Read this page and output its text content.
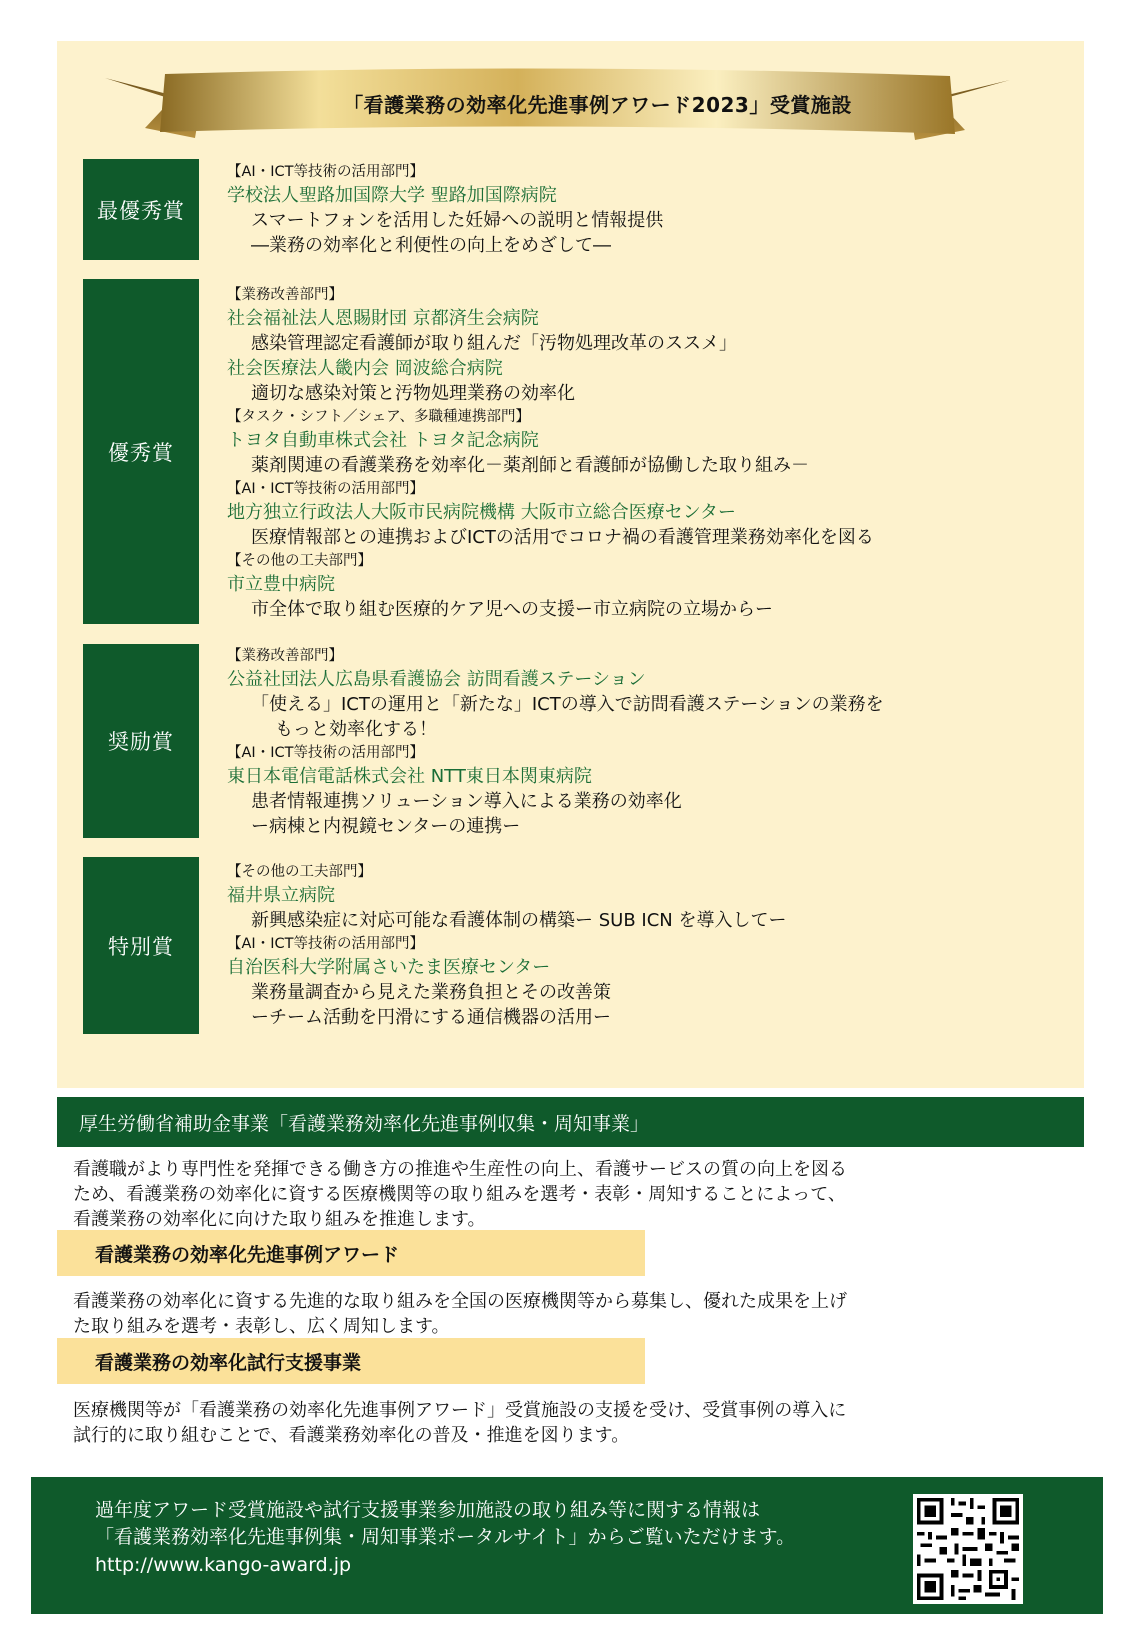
「看護業務の効率化先進事例アワード2023」受賞施設
最優秀賞
優秀賞
奨励賞
特別賞
【AI・ICT等技術の活用部門】
学校法人聖路加国際大学 聖路加国際病院
スマートフォンを活用した妊婦への説明と情報提供
―業務の効率化と利便性の向上をめざして―
【業務改善部門】
社会福祉法人恩賜財団 京都済生会病院
感染管理認定看護師が取り組んだ「汚物処理改革のススメ」
社会医療法人畿内会 岡波総合病院
適切な感染対策と汚物処理業務の効率化
【タスク・シフト／シェア、多職種連携部門】
トヨタ自動車株式会社 トヨタ記念病院
薬剤関連の看護業務を効率化－薬剤師と看護師が協働した取り組み－
【AI・ICT等技術の活用部門】
地方独立行政法人大阪市民病院機構 大阪市立総合医療センター
医療情報部との連携およびICTの活用でコロナ禍の看護管理業務効率化を図る
【その他の工夫部門】
市立豊中病院
市全体で取り組む医療的ケア児への支援ー市立病院の立場からー
【業務改善部門】
公益社団法人広島県看護協会 訪問看護ステーション
「使える」ICTの運用と「新たな」ICTの導入で訪問看護ステーションの業務を
もっと効率化する！
【AI・ICT等技術の活用部門】
東日本電信電話株式会社 NTT東日本関東病院
患者情報連携ソリューション導入による業務の効率化
ー病棟と内視鏡センターの連携ー
【その他の工夫部門】
福井県立病院
新興感染症に対応可能な看護体制の構築ー SUB ICN を導入してー
【AI・ICT等技術の活用部門】
自治医科大学附属さいたま医療センター
業務量調査から見えた業務負担とその改善策
ーチーム活動を円滑にする通信機器の活用ー
厚生労働省補助金事業「看護業務効率化先進事例収集・周知事業」
看護職がより専門性を発揮できる働き方の推進や生産性の向上、看護サービスの質の向上を図る
ため、看護業務の効率化に資する医療機関等の取り組みを選考・表彰・周知することによって、
看護業務の効率化に向けた取り組みを推進します。
看護業務の効率化先進事例アワード
看護業務の効率化に資する先進的な取り組みを全国の医療機関等から募集し、優れた成果を上げ
た取り組みを選考・表彰し、広く周知します。
看護業務の効率化試行支援事業
医療機関等が「看護業務の効率化先進事例アワード」受賞施設の支援を受け、受賞事例の導入に
試行的に取り組むことで、看護業務効率化の普及・推進を図ります。
過年度アワード受賞施設や試行支援事業参加施設の取り組み等に関する情報は
「看護業務効率化先進事例集・周知事業ポータルサイト」からご覧いただけます。
http://www.kango-award.jp
